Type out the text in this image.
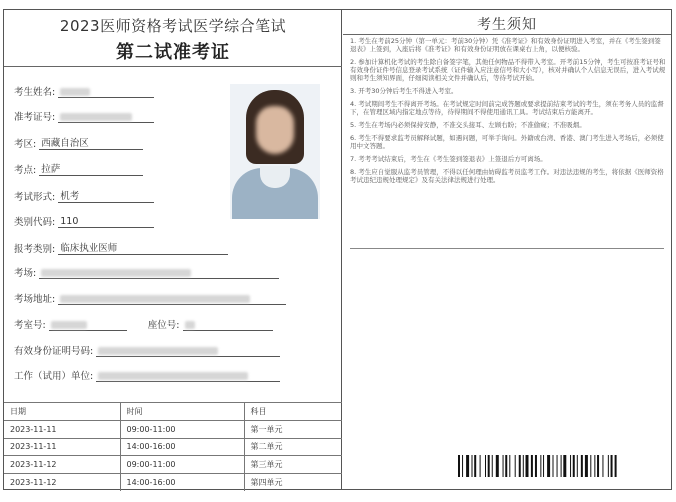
2023医师资格考试医学综合笔试
第二试准考证
考生姓名:
准考证号:
考区: 西藏自治区
考点: 拉萨
考试形式: 机考
类别代码: 110
报考类别: 临床执业医师
考场:
考场地址:
考室号:	座位号:
有效身份证明号码:
工作（试用）单位:
日期	时间	科目
2023-11-11	09:00-11:00	第一单元
2023-11-11	14:00-16:00	第二单元
2023-11-12	09:00-11:00	第三单元
2023-11-12	14:00-16:00	第四单元
考生须知

1. 考生在考前25分钟（第一单元：考前30分钟）凭《准考证》和有效身份证明进入考室，并在《考生签到签退表》上签到，入座后将《准考证》和有效身份证明放在课桌右上角，以便核验。

2. 参加计算机化考试的考生除自备签字笔，其他任何物品不得带入考室。开考前15分钟，考生可按准考证号和有效身份证件号信息登录考试系统（证件输入应注意信号和大小写），核对并确认个人信息无误后，进入考试规则和考生须知界面，仔细阅读相关文件并确认后，等待考试开始。

3. 开考30分钟后考生不得进入考室。

4. 考试期间考生不得离开考场。在考试规定时间前完成答题或要求提前结束考试的考生，须在考务人员的监督下，在管理区域内指定地点等待，待得期间不得使用通讯工具。考试结束后方能离开。

5. 考生在考场内必须保持安静，不准交头接耳、左顾右盼；不准偷窥；不准吸烟。

6. 考生不得要求监考员解释试题，如遇问题，可举手询问。外籍或台湾、香港、澳门考生进入考场后，必须使用中文答题。

7. 考考考试结束后，考生在《考生签到签退表》上签退后方可离场。

8. 考生应自觉服从监考员管理，不得以任何理由妨碍监考员监考工作。对违法违规的考生，将依据《医师资格考试违纪违规处理规定》及有关法律法规进行处理。
